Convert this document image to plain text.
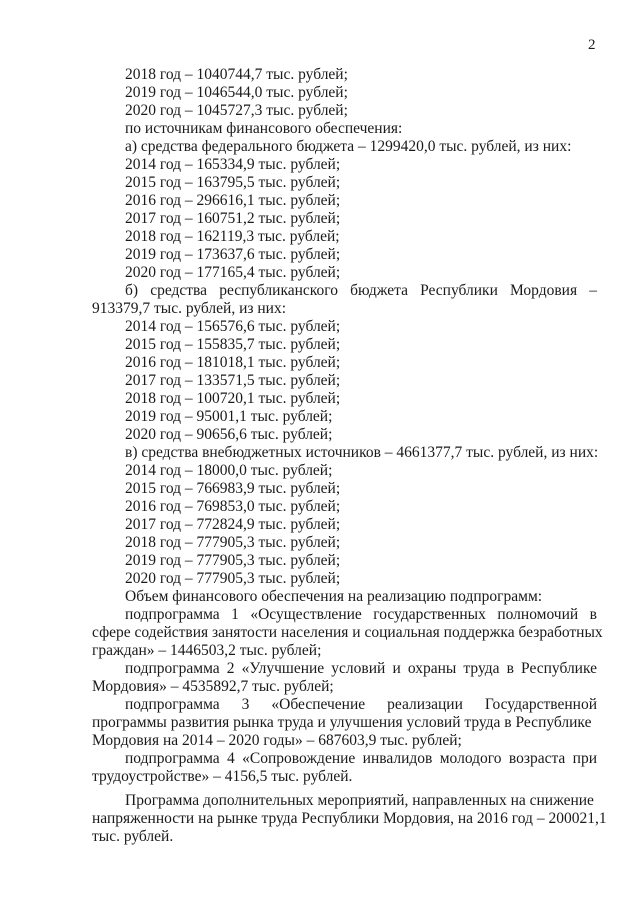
2
2018 год – 1040744,7 тыс. рублей;
2019 год – 1046544,0 тыс. рублей;
2020 год – 1045727,3 тыс. рублей;
по источникам финансового обеспечения:
а) средства федерального бюджета – 1299420,0 тыс. рублей, из них:
2014 год – 165334,9 тыс. рублей;
2015 год – 163795,5 тыс. рублей;
2016 год – 296616,1 тыс. рублей;
2017 год – 160751,2 тыс. рублей;
2018 год – 162119,3 тыс. рублей;
2019 год – 173637,6 тыс. рублей;
2020 год – 177165,4 тыс. рублей;
б) средства республиканского бюджета Республики Мордовия –
913379,7 тыс. рублей, из них:
2014 год – 156576,6 тыс. рублей;
2015 год – 155835,7 тыс. рублей;
2016 год – 181018,1 тыс. рублей;
2017 год – 133571,5 тыс. рублей;
2018 год – 100720,1 тыс. рублей;
2019 год – 95001,1 тыс. рублей;
2020 год – 90656,6 тыс. рублей;
в) средства внебюджетных источников – 4661377,7 тыс. рублей, из них:
2014 год – 18000,0 тыс. рублей;
2015 год – 766983,9 тыс. рублей;
2016 год – 769853,0 тыс. рублей;
2017 год – 772824,9 тыс. рублей;
2018 год – 777905,3 тыс. рублей;
2019 год – 777905,3 тыс. рублей;
2020 год – 777905,3 тыс. рублей;
Объем финансового обеспечения на реализацию подпрограмм:
подпрограмма 1 «Осуществление государственных полномочий в
сфере содействия занятости населения и социальная поддержка безработных
граждан» – 1446503,2 тыс. рублей;
подпрограмма 2 «Улучшение условий и охраны труда в Республике
Мордовия» – 4535892,7 тыс. рублей;
подпрограмма 3 «Обеспечение реализации Государственной
программы развития рынка труда и улучшения условий труда в Республике
Мордовия на 2014 – 2020 годы» – 687603,9 тыс. рублей;
подпрограмма 4 «Сопровождение инвалидов молодого возраста при
трудоустройстве» – 4156,5 тыс. рублей.
Программа дополнительных мероприятий, направленных на снижение
напряженности на рынке труда Республики Мордовия, на 2016 год – 200021,1
тыс. рублей.
